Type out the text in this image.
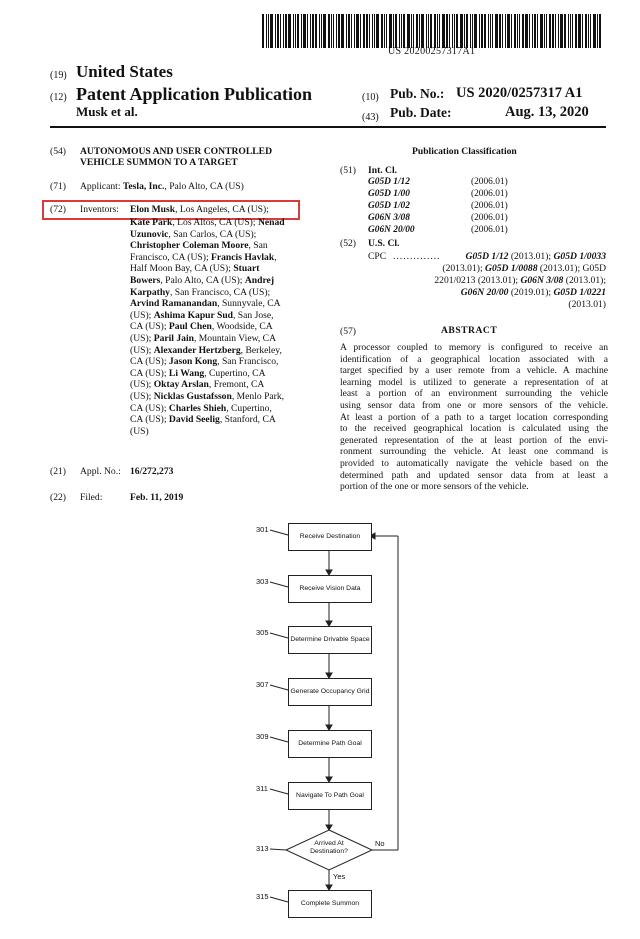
US 20200257317A1
(19) United States
(12) Patent Application Publication
Musk et al.
(10) Pub. No.: US 2020/0257317 A1
(43) Pub. Date:	Aug. 13, 2020
(54) AUTONOMOUS AND USER CONTROLLED
VEHICLE SUMMON TO A TARGET
(71) Applicant: Tesla, Inc., Palo Alto, CA (US)
(72) Inventors: Elon Musk, Los Angeles, CA (US);
Kate Park, Los Altos, CA (US); Nenad
Uzunovic, San Carlos, CA (US);
Christopher Coleman Moore, San
Francisco, CA (US); Francis Havlak,
Half Moon Bay, CA (US); Stuart
Bowers, Palo Alto, CA (US); Andrej
Karpathy, San Francisco, CA (US);
Arvind Ramanandan, Sunnyvale, CA
(US); Ashima Kapur Sud, San Jose,
CA (US); Paul Chen, Woodside, CA
(US); Paril Jain, Mountain View, CA
(US); Alexander Hertzberg, Berkeley,
CA (US); Jason Kong, San Francisco,
CA (US); Li Wang, Cupertino, CA
(US); Oktay Arslan, Fremont, CA
(US); Nicklas Gustafsson, Menlo Park,
CA (US); Charles Shieh, Cupertino,
CA (US); David Seelig, Stanford, CA
(US)
(21) Appl. No.: 16/272,273
(22) Filed:	Feb. 11, 2019
Publication Classification
(51) Int. Cl.
G05D 1/12	(2006.01)
G05D 1/00	(2006.01)
G05D 1/02	(2006.01)
G06N 3/08	(2006.01)
G06N 20/00	(2006.01)
(52) U.S. Cl.
CPC ..............	G05D 1/12 (2013.01); G05D 1/0033
(2013.01); G05D 1/0088 (2013.01); G05D
2201/0213 (2013.01); G06N 3/08 (2013.01);
G06N 20/00 (2019.01); G05D 1/0221
(2013.01)
(57)	ABSTRACT
A processor coupled to memory is configured to receive an
identification of a geographical location associated with a
target specified by a user remote from a vehicle. A machine
learning model is utilized to generate a representation of at
least a portion of an environment surrounding the vehicle
using sensor data from one or more sensors of the vehicle.
At least a portion of a path to a target location corresponding
to the received geographical location is calculated using the
generated representation of the at least portion of the envi-
ronment surrounding the vehicle. At least one command is
provided to automatically navigate the vehicle based on the
determined path and updated sensor data from at least a
portion of the one or more sensors of the vehicle.
Receive Destination
301
Receive Vision Data
303
Determine Drivable Space
305
Generate Occupancy Grid
307
Determine Path Goal
309
Navigate To Path Goal
311
Arrived At Destination?
313
No
Yes
Complete Summon
315
